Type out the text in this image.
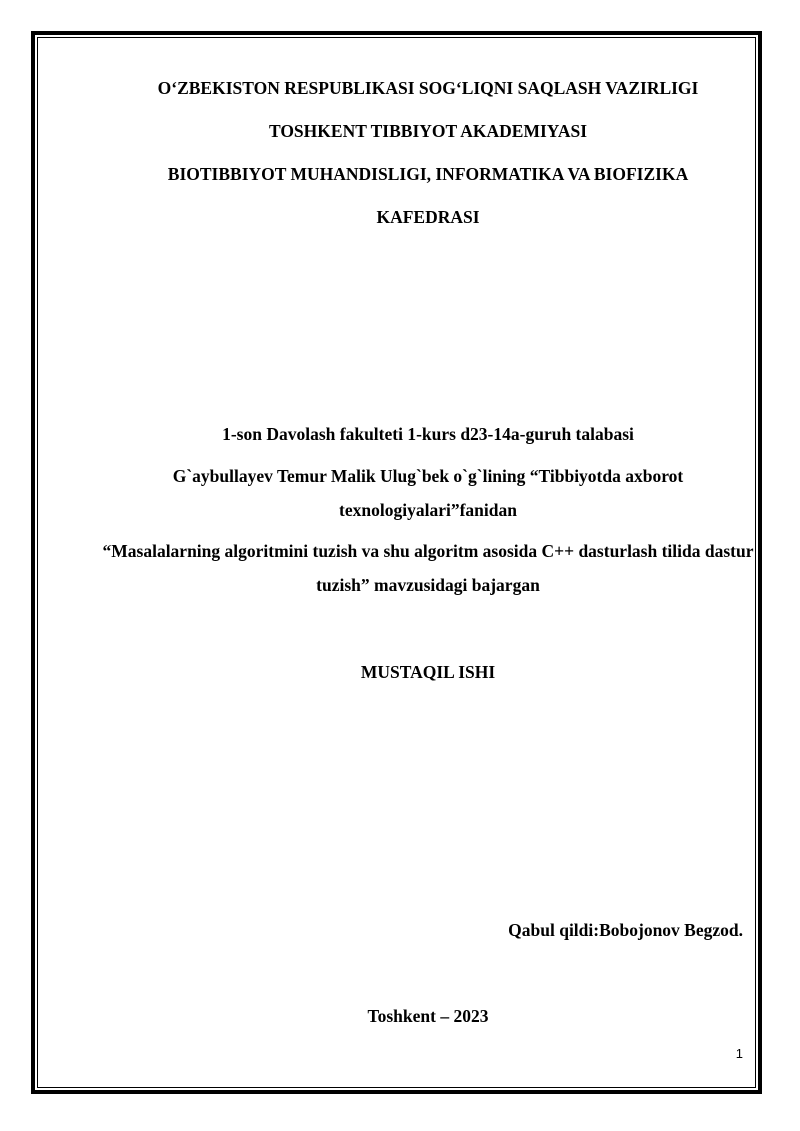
O‘ZBEKISTON RESPUBLIKASI SOG‘LIQNI SAQLASH VAZIRLIGI
TOSHKENT TIBBIYOT AKADEMIYASI
BIOTIBBIYOT MUHANDISLIGI, INFORMATIKA VA BIOFIZIKA
KAFEDRASI
1-son Davolash fakulteti 1-kurs d23-14a-guruh talabasi
G`aybullayev Temur Malik Ulug`bek o`g`lining “Tibbiyotda axborot texnologiyalari”fanidan
“Masalalarning algoritmini tuzish va shu algoritm asosida C++ dasturlash tilida dastur tuzish” mavzusidagi bajargan
MUSTAQIL ISHI
Qabul qildi:Bobojonov Begzod.
Toshkent – 2023
1
